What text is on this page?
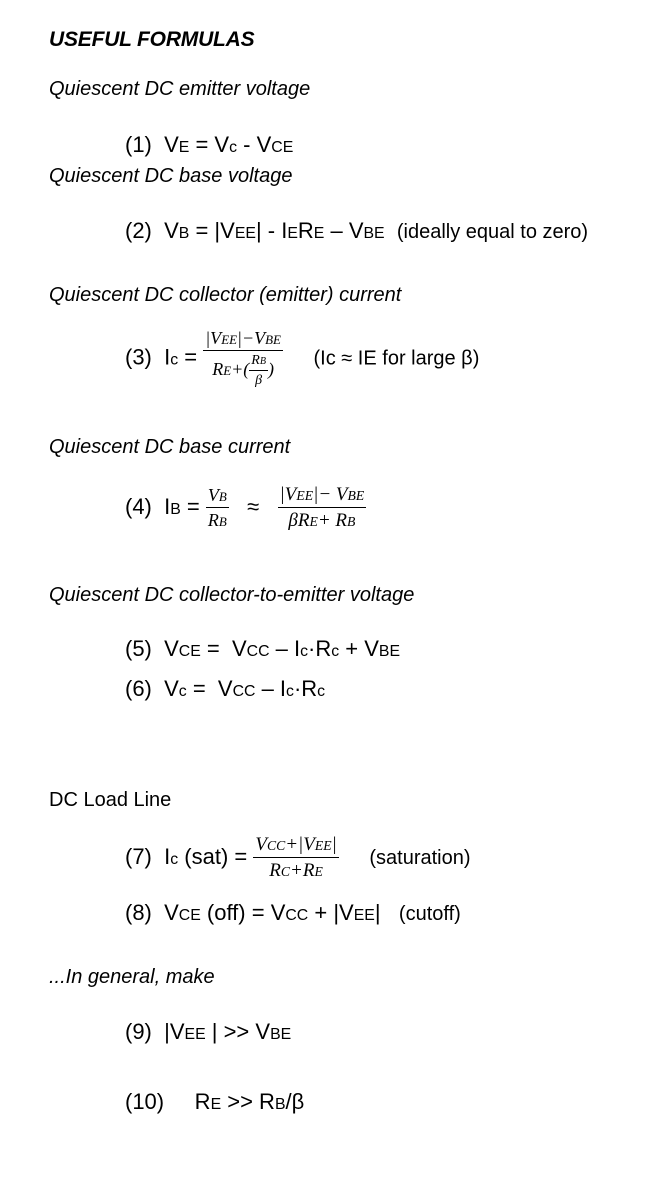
USEFUL FORMULAS
Quiescent DC emitter voltage
(1)  VE = Vc - VCE
Quiescent DC base voltage
(2)  VB = |VEE| - IERE – VBE (ideally equal to zero)
Quiescent DC collector (emitter) current
(3)  $Ic = \frac{\text{|VEE|−VBE}}{RE+( \frac{RB}{\beta} )} (Ic$ ≈ IE for large β)
Quiescent DC base current
(4)  IB = $\frac{VB}{RB} \approx \frac{\text{|VEE|− VBE}}{\text{βRE+ RB}}$
Quiescent DC collector-to-emitter voltage
(5)  VCE =  VCC – Ic·Rc + VBE
(6)  Vc =  VCC – Ic·Rc
DC Load Line
(7)  Ic $(sat) = \frac{\text{VCC+|VEE|}}{RC+RE}$ (saturation)
(8)  VCE (off) = VCC + |VEE|   (cutoff)
...In general, make
(9)  |VEE | >> VBE
(10)     RE >> RB/β
